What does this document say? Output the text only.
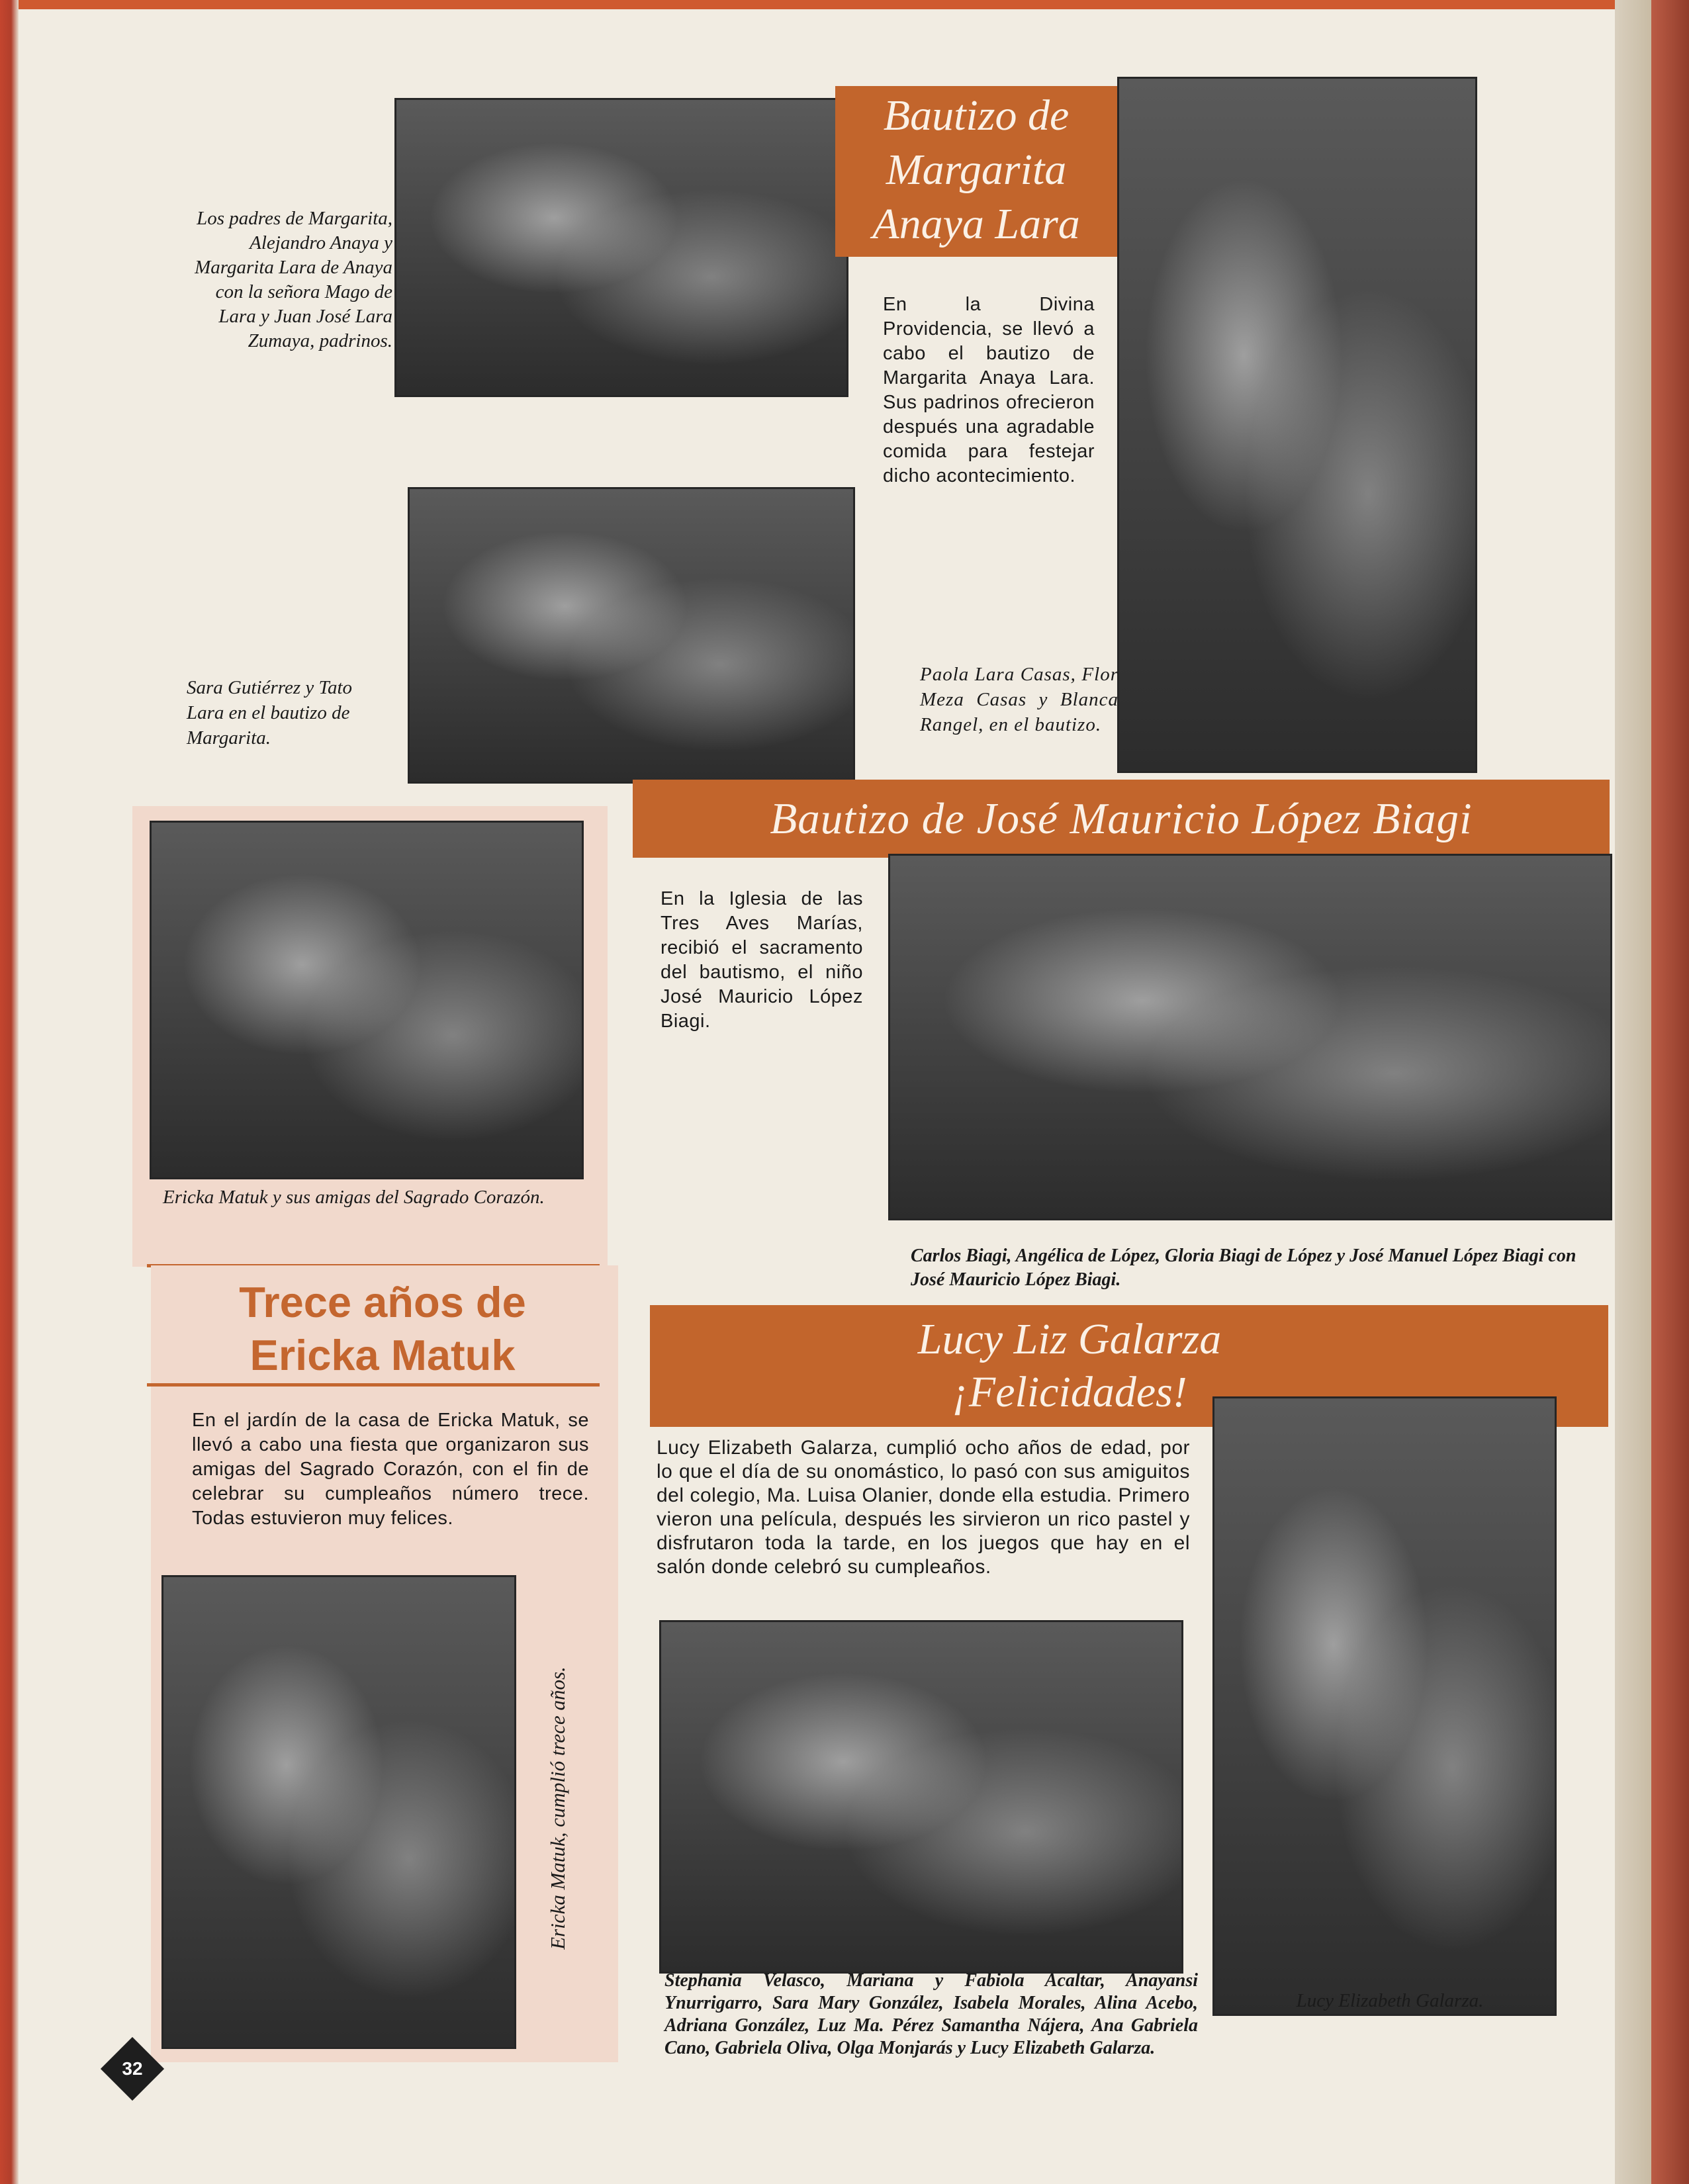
Los padres de Margarita, Alejandro Anaya y Margarita Lara de Anaya con la señora Mago de Lara y Juan José Lara Zumaya, padrinos.
Bautizo de
Margarita
Anaya Lara
En la Divina Providencia, se llevó a cabo el bautizo de Margarita Anaya Lara. Sus padrinos ofrecieron después una agradable comida para festejar dicho acontecimiento.
Sara Gutiérrez y Tato Lara en el bautizo de Margarita.
Paola Lara Casas, Flor Meza Casas y Blanca Rangel, en el bautizo.
Bautizo de José Mauricio López Biagi
En la Iglesia de las Tres Aves Marías, recibió el sacramento del bautismo, el niño José Mauricio López Biagi.
Carlos Biagi, Angélica de López, Gloria Biagi de López y José Manuel López Biagi con José Mauricio López Biagi.
Ericka Matuk y sus amigas del Sagrado Corazón.
Trece años de
Ericka Matuk
En el jardín de la casa de Ericka Matuk, se llevó a cabo una fiesta que organizaron sus amigas del Sagrado Corazón, con el fin de celebrar su cumpleaños número trece. Todas estuvieron muy felices.
Ericka Matuk, cumplió trece años.
Lucy Liz Galarza
¡Felicidades!
Lucy Elizabeth Galarza, cumplió ocho años de edad, por lo que el día de su onomástico, lo pasó con sus amiguitos del colegio, Ma. Luisa Olanier, donde ella estudia. Primero vieron una película, después les sirvieron un rico pastel y disfrutaron toda la tarde, en los juegos que hay en el salón donde celebró su cumpleaños.
Stephania Velasco, Mariana y Fabiola Acaltar, Anayansi Ynurrigarro, Sara Mary González, Isabela Morales, Alina Acebo, Adriana González, Luz Ma. Pérez Samantha Nájera, Ana Gabriela Cano, Gabriela Oliva, Olga Monjarás y Lucy Elizabeth Galarza.
Lucy Elizabeth Galarza.
32
